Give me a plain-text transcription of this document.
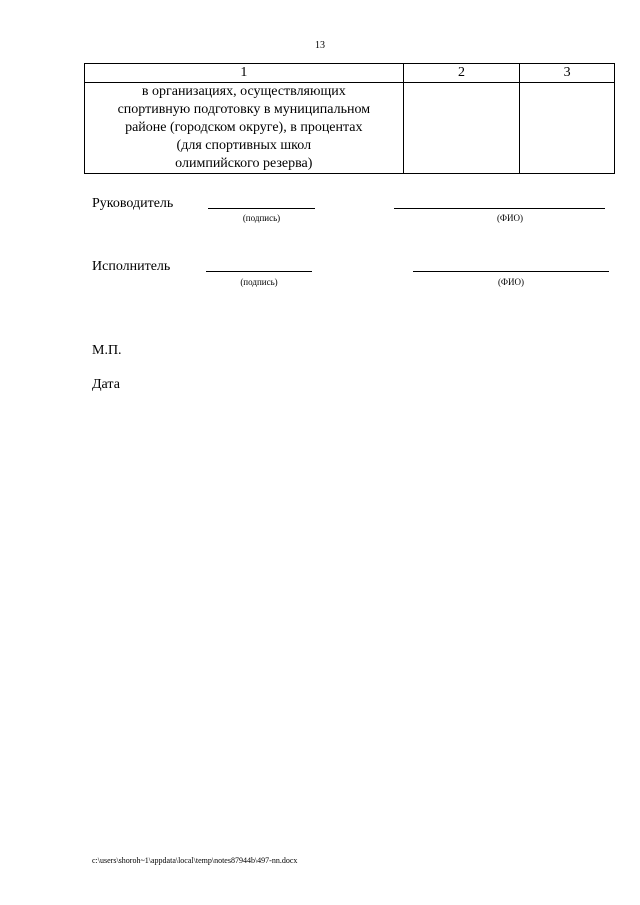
13
1	2	3

в организациях, осуществляющих
спортивную подготовку в муниципальном
районе (городском округе), в процентах
(для спортивных школ
олимпийского резерва)		

Руководитель
(подпись)	(ФИО)
Исполнитель
(подпись)	(ФИО)
М.П.
Дата
c:\users\shoroh~1\appdata\local\temp\notes87944b\497-nn.docx
